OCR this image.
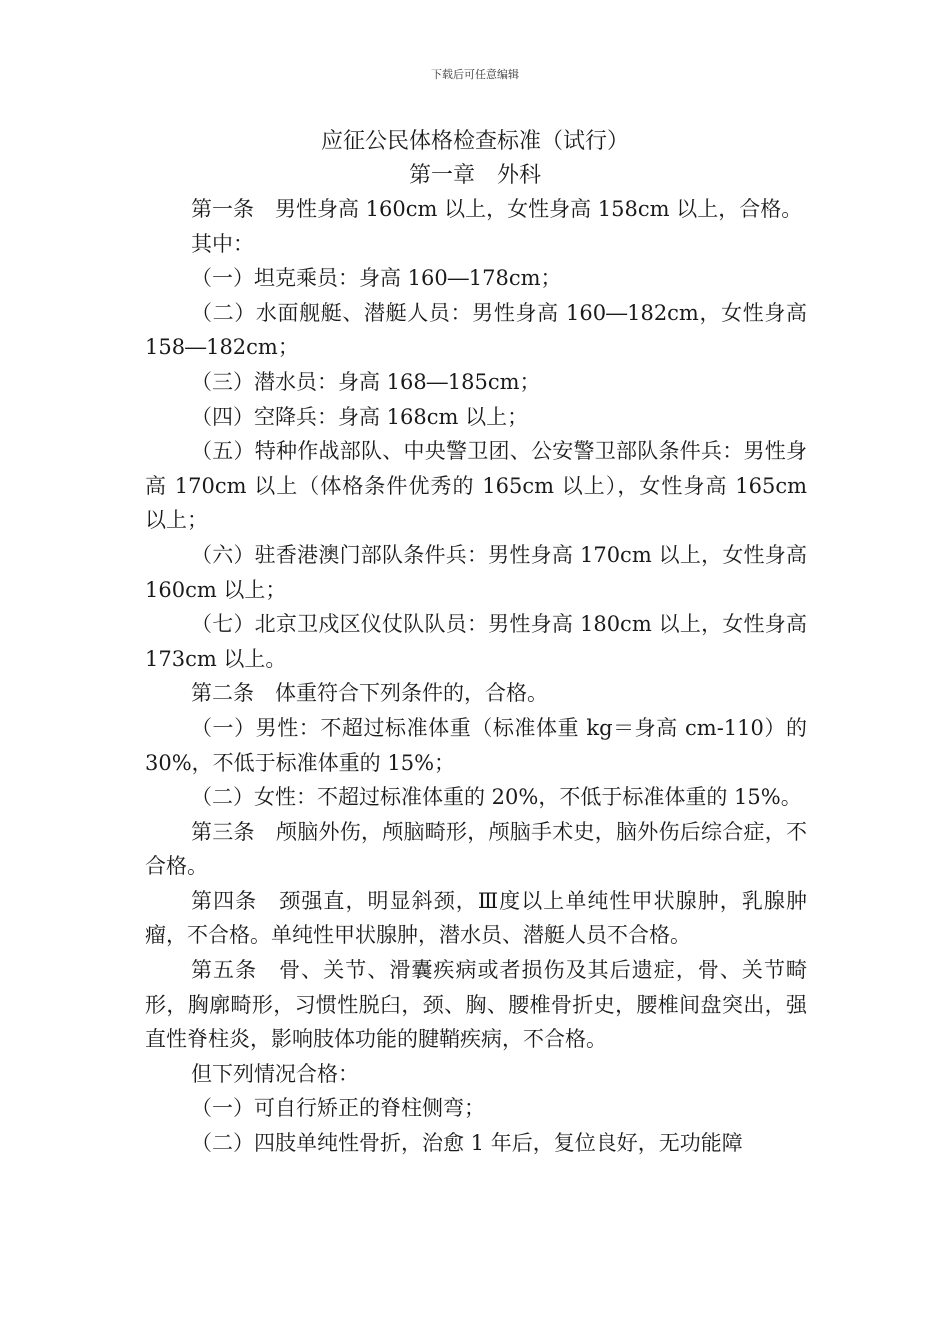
下载后可任意编辑
应征公民体格检查标准（试行）
第一章　外科

第一条　男性身高 160cm 以上，女性身高 158cm 以上，合格。

其中：

（一）坦克乘员：身高 160―178cm；

（二）水面舰艇、潜艇人员：男性身高 160―182cm，女性身高 158―182cm；

（三）潜水员：身高 168―185cm；

（四）空降兵：身高 168cm 以上；

（五）特种作战部队、中央警卫团、公安警卫部队条件兵：男性身高 170cm 以上（体格条件优秀的 165cm 以上），女性身高 165cm 以上；

（六）驻香港澳门部队条件兵：男性身高 170cm 以上，女性身高 160cm 以上；

（七）北京卫戍区仪仗队队员：男性身高 180cm 以上，女性身高 173cm 以上。

第二条　体重符合下列条件的，合格。

（一）男性：不超过标准体重（标准体重 kg＝身高 cm-110）的 30%，不低于标准体重的 15%；

（二）女性：不超过标准体重的 20%，不低于标准体重的 15%。

第三条　颅脑外伤，颅脑畸形，颅脑手术史，脑外伤后综合症，不合格。

第四条　颈强直，明显斜颈，Ⅲ度以上单纯性甲状腺肿，乳腺肿瘤，不合格。单纯性甲状腺肿，潜水员、潜艇人员不合格。

第五条　骨、关节、滑囊疾病或者损伤及其后遗症，骨、关节畸形，胸廓畸形，习惯性脱臼，颈、胸、腰椎骨折史，腰椎间盘突出，强直性脊柱炎，影响肢体功能的腱鞘疾病，不合格。

但下列情况合格：

（一）可自行矫正的脊柱侧弯；

（二）四肢单纯性骨折，治愈 1 年后，复位良好，无功能障
